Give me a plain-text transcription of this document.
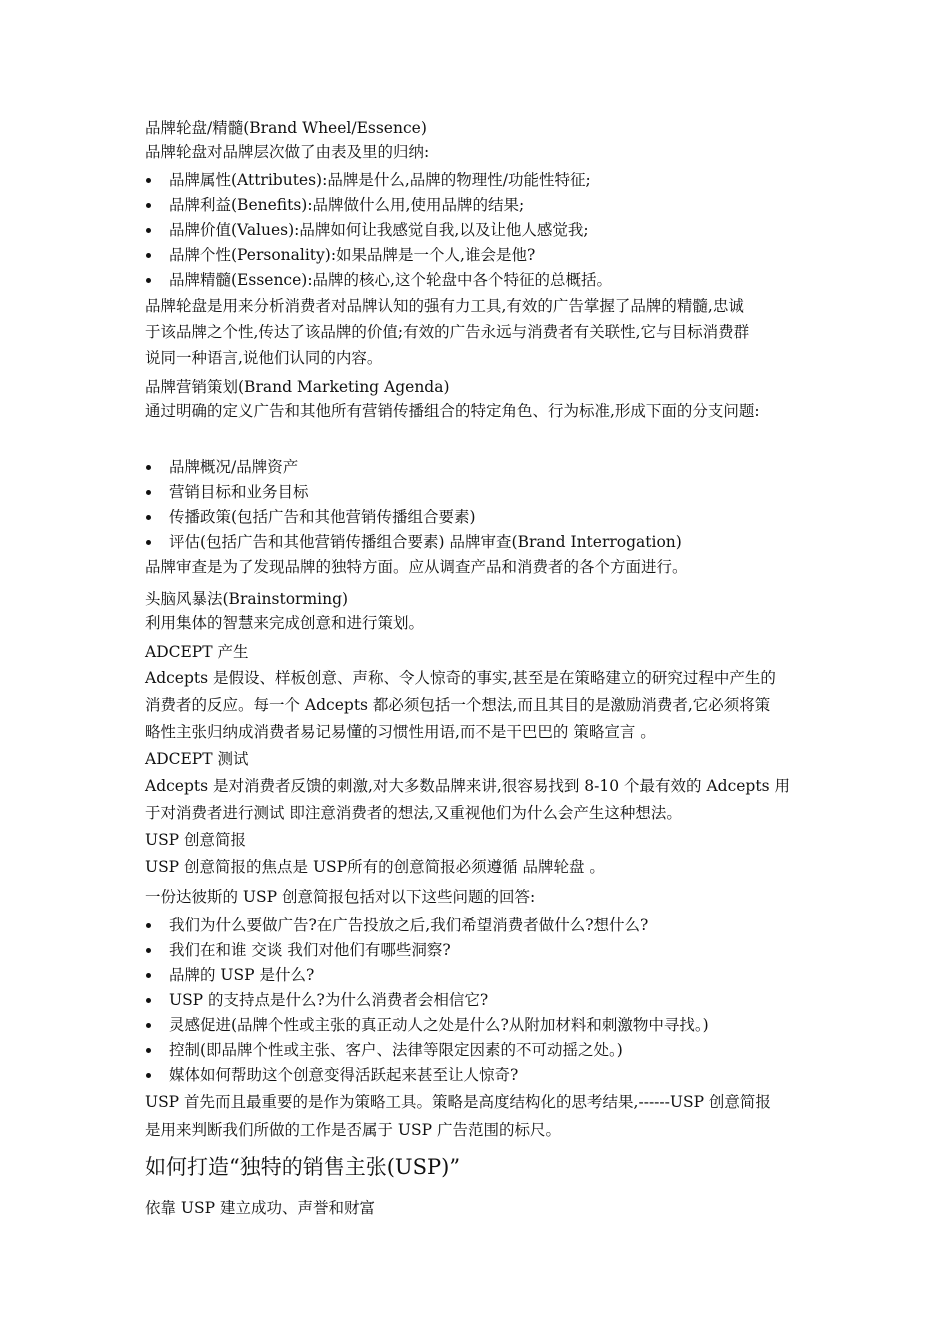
品牌轮盘/精髓(Brand Wheel/Essence)

品牌轮盘对品牌层次做了由表及里的归纳:

品牌属性(Attributes):品牌是什么,品牌的物理性/功能性特征;
品牌利益(Benefits):品牌做什么用,使用品牌的结果;
品牌价值(Values):品牌如何让我感觉自我,以及让他人感觉我;
品牌个性(Personality):如果品牌是一个人,谁会是他?
品牌精髓(Essence):品牌的核心,这个轮盘中各个特征的总概括。

品牌轮盘是用来分析消费者对品牌认知的强有力工具,有效的广告掌握了品牌的精髓,忠诚

于该品牌之个性,传达了该品牌的价值;有效的广告永远与消费者有关联性,它与目标消费群

说同一种语言,说他们认同的内容。

品牌营销策划(Brand Marketing Agenda)

通过明确的定义广告和其他所有营销传播组合的特定角色、行为标准,形成下面的分支问题:

品牌概况/品牌资产
营销目标和业务目标
传播政策(包括广告和其他营销传播组合要素)
评估(包括广告和其他营销传播组合要素) 品牌审查(Brand Interrogation)

品牌审查是为了发现品牌的独特方面。应从调查产品和消费者的各个方面进行。

头脑风暴法(Brainstorming)

利用集体的智慧来完成创意和进行策划。

ADCEPT 产生

Adcepts 是假设、样板创意、声称、令人惊奇的事实,甚至是在策略建立的研究过程中产生的

消费者的反应。每一个 Adcepts 都必须包括一个想法,而且其目的是激励消费者,它必须将策

略性主张归纳成消费者易记易懂的习惯性用语,而不是干巴巴的 策略宣言 。

ADCEPT 测试

Adcepts 是对消费者反馈的刺激,对大多数品牌来讲,很容易找到 8-10 个最有效的 Adcepts 用

于对消费者进行测试 即注意消费者的想法,又重视他们为什么会产生这种想法。

USP 创意简报

USP 创意简报的焦点是 USP所有的创意简报必须遵循 品牌轮盘 。

一份达彼斯的 USP 创意简报包括对以下这些问题的回答:

我们为什么要做广告?在广告投放之后,我们希望消费者做什么?想什么?
我们在和谁 交谈 我们对他们有哪些洞察?
品牌的 USP 是什么?
USP 的支持点是什么?为什么消费者会相信它?
灵感促进(品牌个性或主张的真正动人之处是什么?从附加材料和刺激物中寻找。)
控制(即品牌个性或主张、客户、法律等限定因素的不可动摇之处。)
媒体如何帮助这个创意变得活跃起来甚至让人惊奇?

USP 首先而且最重要的是作为策略工具。策略是高度结构化的思考结果,------USP 创意简报

是用来判断我们所做的工作是否属于 USP 广告范围的标尺。

如何打造“独特的销售主张(USP)”

依靠 USP 建立成功、声誉和财富
